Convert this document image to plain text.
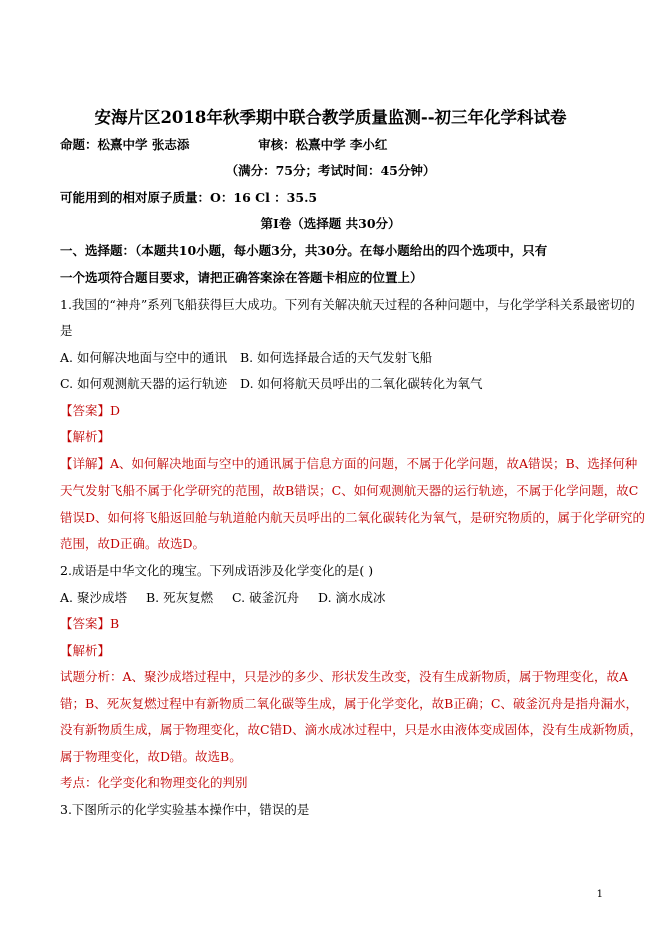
安海片区2018年秋季期中联合教学质量监测--初三年化学科试卷
命题：松熹中学 张志添	审核：松熹中学 李小红
（满分：75分；考试时间：45分钟）
可能用到的相对原子质量：O：16 Cl ：35.5
第Ⅰ卷（选择题 共30分）
一、选择题：（本题共10小题，每小题3分，共30分。在每小题给出的四个选项中，只有
一个选项符合题目要求，请把正确答案涂在答题卡相应的位置上）
1.我国的“神舟”系列飞船获得巨大成功。下列有关解决航天过程的各种问题中，与化学学科关系最密切的
是
A. 如何解决地面与空中的通讯 B. 如何选择最合适的天气发射飞船
C. 如何观测航天器的运行轨迹 D. 如何将航天员呼出的二氧化碳转化为氧气
【答案】D
【解析】
【详解】A、如何解决地面与空中的通讯属于信息方面的问题，不属于化学问题，故A错误；B、选择何种
天气发射飞船不属于化学研究的范围，故B错误；C、如何观测航天器的运行轨迹，不属于化学问题，故C
错误D、如何将飞船返回舱与轨道舱内航天员呼出的二氧化碳转化为氧气，是研究物质的，属于化学研究的
范围，故D正确。故选D。
2.成语是中华文化的瑰宝。下列成语涉及化学变化的是( )
A. 聚沙成塔 B. 死灰复燃 C. 破釜沉舟 D. 滴水成冰
【答案】B
【解析】
试题分析：A、聚沙成塔过程中，只是沙的多少、形状发生改变，没有生成新物质，属于物理变化，故A
错；B、死灰复燃过程中有新物质二氧化碳等生成，属于化学变化，故B正确；C、破釜沉舟是指舟漏水，
没有新物质生成，属于物理变化，故C错D、滴水成冰过程中，只是水由液体变成固体，没有生成新物质，
属于物理变化，故D错。故选B。
考点：化学变化和物理变化的判别
3.下图所示的化学实验基本操作中，错误的是
1
